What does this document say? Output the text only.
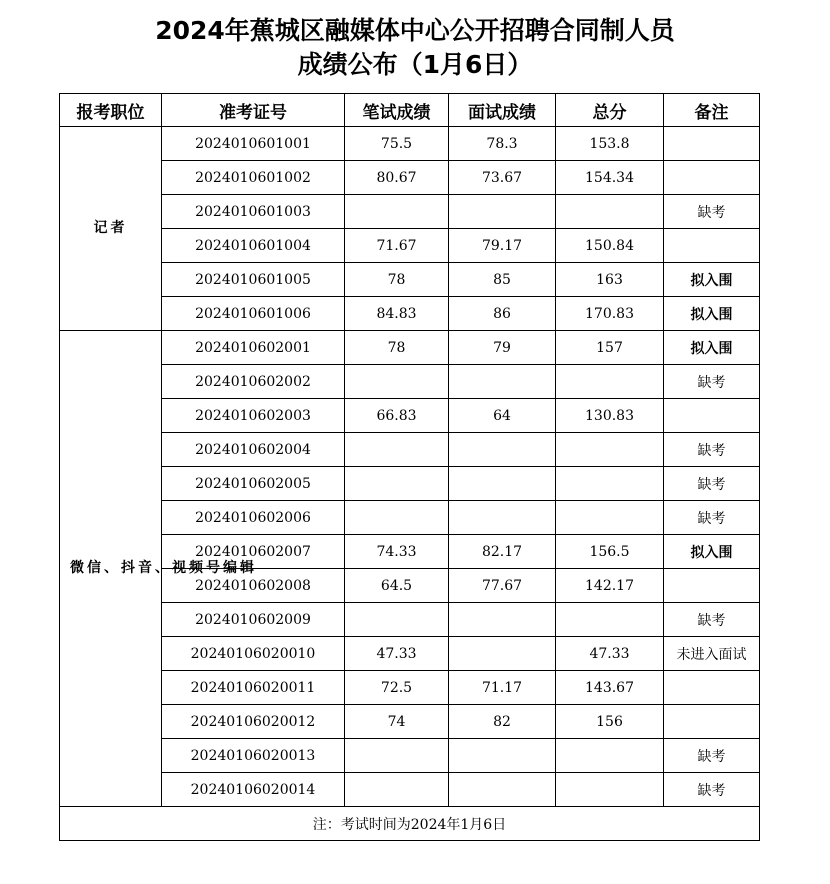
2024年蕉城区融媒体中心公开招聘合同制人员
成绩公布（1月6日）
报考职位	准考证号	笔试成绩	面试成绩	总分	备注
记者	2024010601001	75.5	78.3	153.8	
	2024010601002	80.67	73.67	154.34	
	2024010601003				缺考
	2024010601004	71.67	79.17	150.84	
	2024010601005	78	85	163	拟入围
	2024010601006	84.83	86	170.83	拟入围
微信、抖音、视频号编辑	2024010602001	78	79	157	拟入围
	2024010602002				缺考
	2024010602003	66.83	64	130.83	
	2024010602004				缺考
	2024010602005				缺考
	2024010602006				缺考
	2024010602007	74.33	82.17	156.5	拟入围
	2024010602008	64.5	77.67	142.17	
	2024010602009				缺考
	20240106020010	47.33		47.33	未进入面试
	20240106020011	72.5	71.17	143.67	
	20240106020012	74	82	156	
	20240106020013				缺考
	20240106020014				缺考
注：考试时间为2024年1月6日					
